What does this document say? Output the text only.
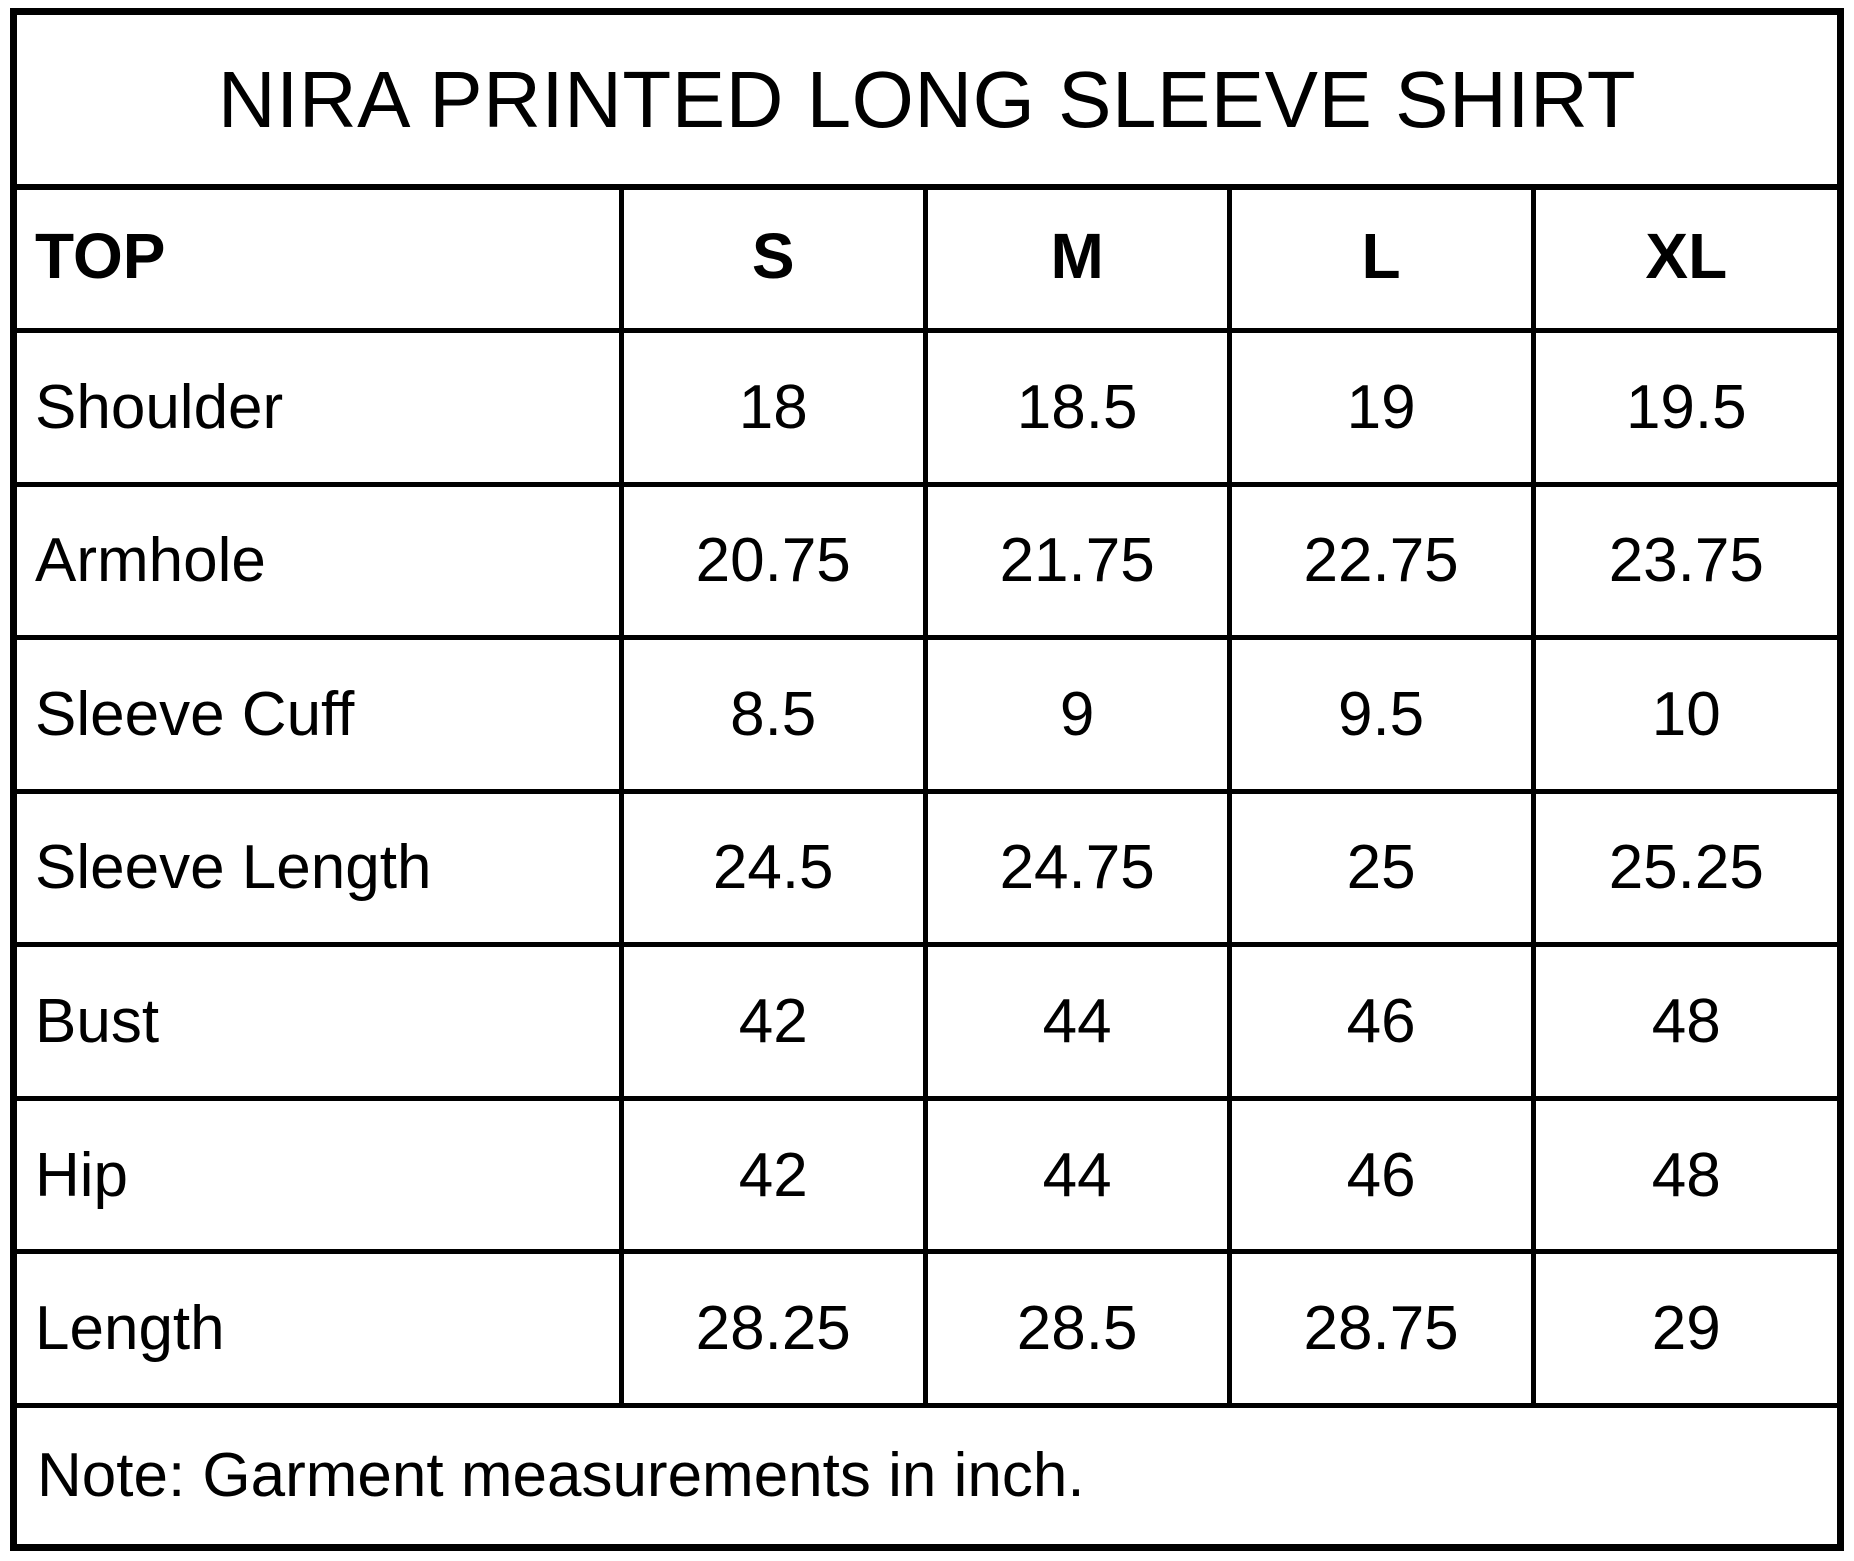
NIRA PRINTED LONG SLEEVE SHIRT
TOP	S	M	L	XL
Shoulder	18	18.5	19	19.5
Armhole	20.75	21.75	22.75	23.75
Sleeve Cuff	8.5	9	9.5	10
Sleeve Length	24.5	24.75	25	25.25
Bust	42	44	46	48
Hip	42	44	46	48
Length	28.25	28.5	28.75	29
Note: Garment measurements in inch.
